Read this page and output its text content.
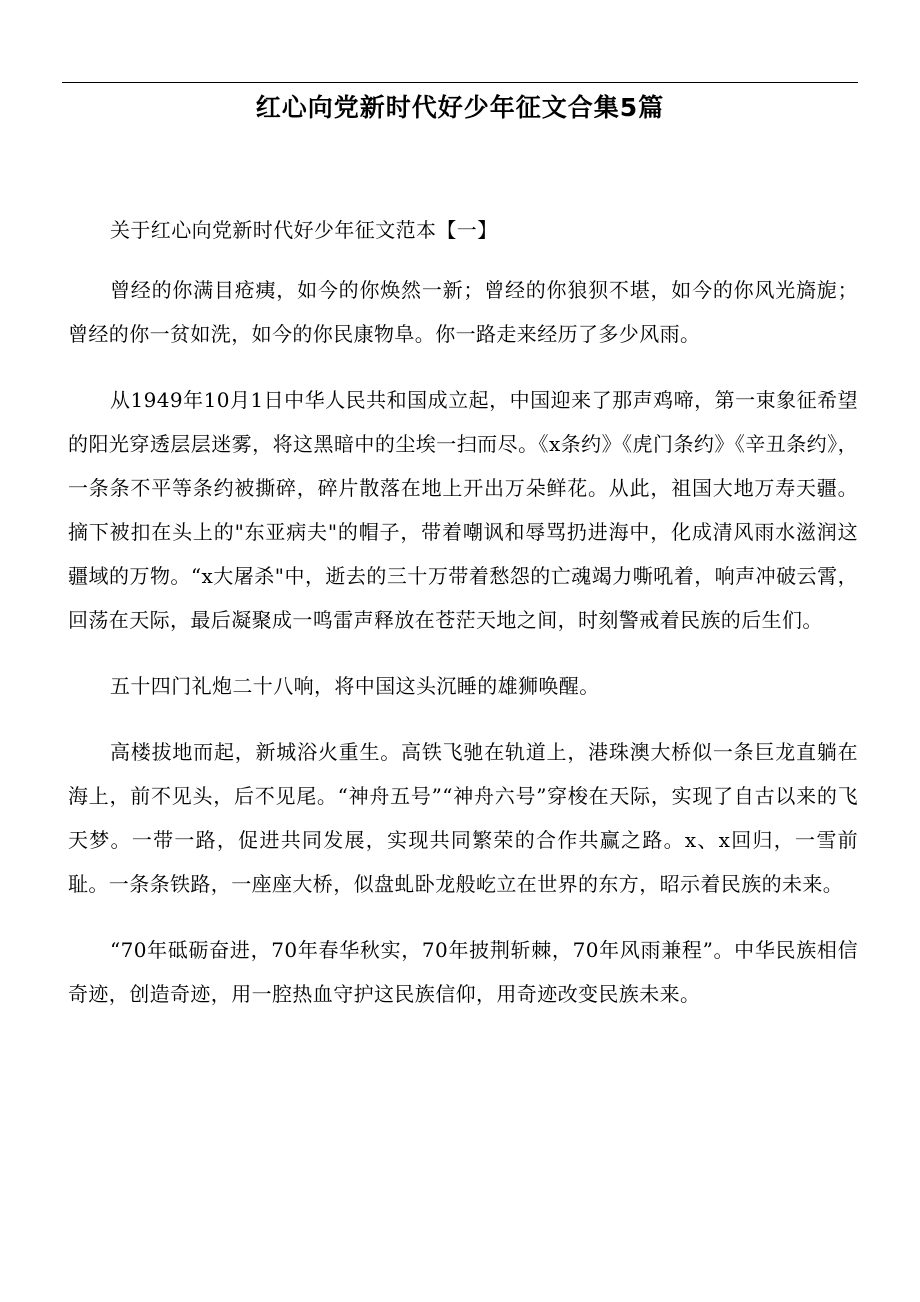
红心向党新时代好少年征文合集5篇

关于红心向党新时代好少年征文范本【一】

曾经的你满目疮痍，如今的你焕然一新；曾经的你狼狈不堪，如今的你风光旖旎；曾经的你一贫如洗，如今的你民康物阜。你一路走来经历了多少风雨。

从1949年10月1日中华人民共和国成立起，中国迎来了那声鸡啼，第一束象征希望的阳光穿透层层迷雾，将这黑暗中的尘埃一扫而尽。《x条约》《虎门条约》《辛丑条约》，一条条不平等条约被撕碎，碎片散落在地上开出万朵鲜花。从此，祖国大地万寿天疆。摘下被扣在头上的"东亚病夫"的帽子，带着嘲讽和辱骂扔进海中，化成清风雨水滋润这疆域的万物。“x大屠杀"中，逝去的三十万带着愁怨的亡魂竭力嘶吼着，响声冲破云霄，回荡在天际，最后凝聚成一鸣雷声释放在苍茫天地之间，时刻警戒着民族的后生们。

五十四门礼炮二十八响，将中国这头沉睡的雄狮唤醒。

高楼拔地而起，新城浴火重生。高铁飞驰在轨道上，港珠澳大桥似一条巨龙直躺在海上，前不见头，后不见尾。“神舟五号”“神舟六号”穿梭在天际，实现了自古以来的飞天梦。一带一路，促进共同发展，实现共同繁荣的合作共赢之路。x、x回归，一雪前耻。一条条铁路，一座座大桥，似盘虬卧龙般屹立在世界的东方，昭示着民族的未来。

“70年砥砺奋进，70年春华秋实，70年披荆斩棘，70年风雨兼程”。中华民族相信奇迹，创造奇迹，用一腔热血守护这民族信仰，用奇迹改变民族未来。
